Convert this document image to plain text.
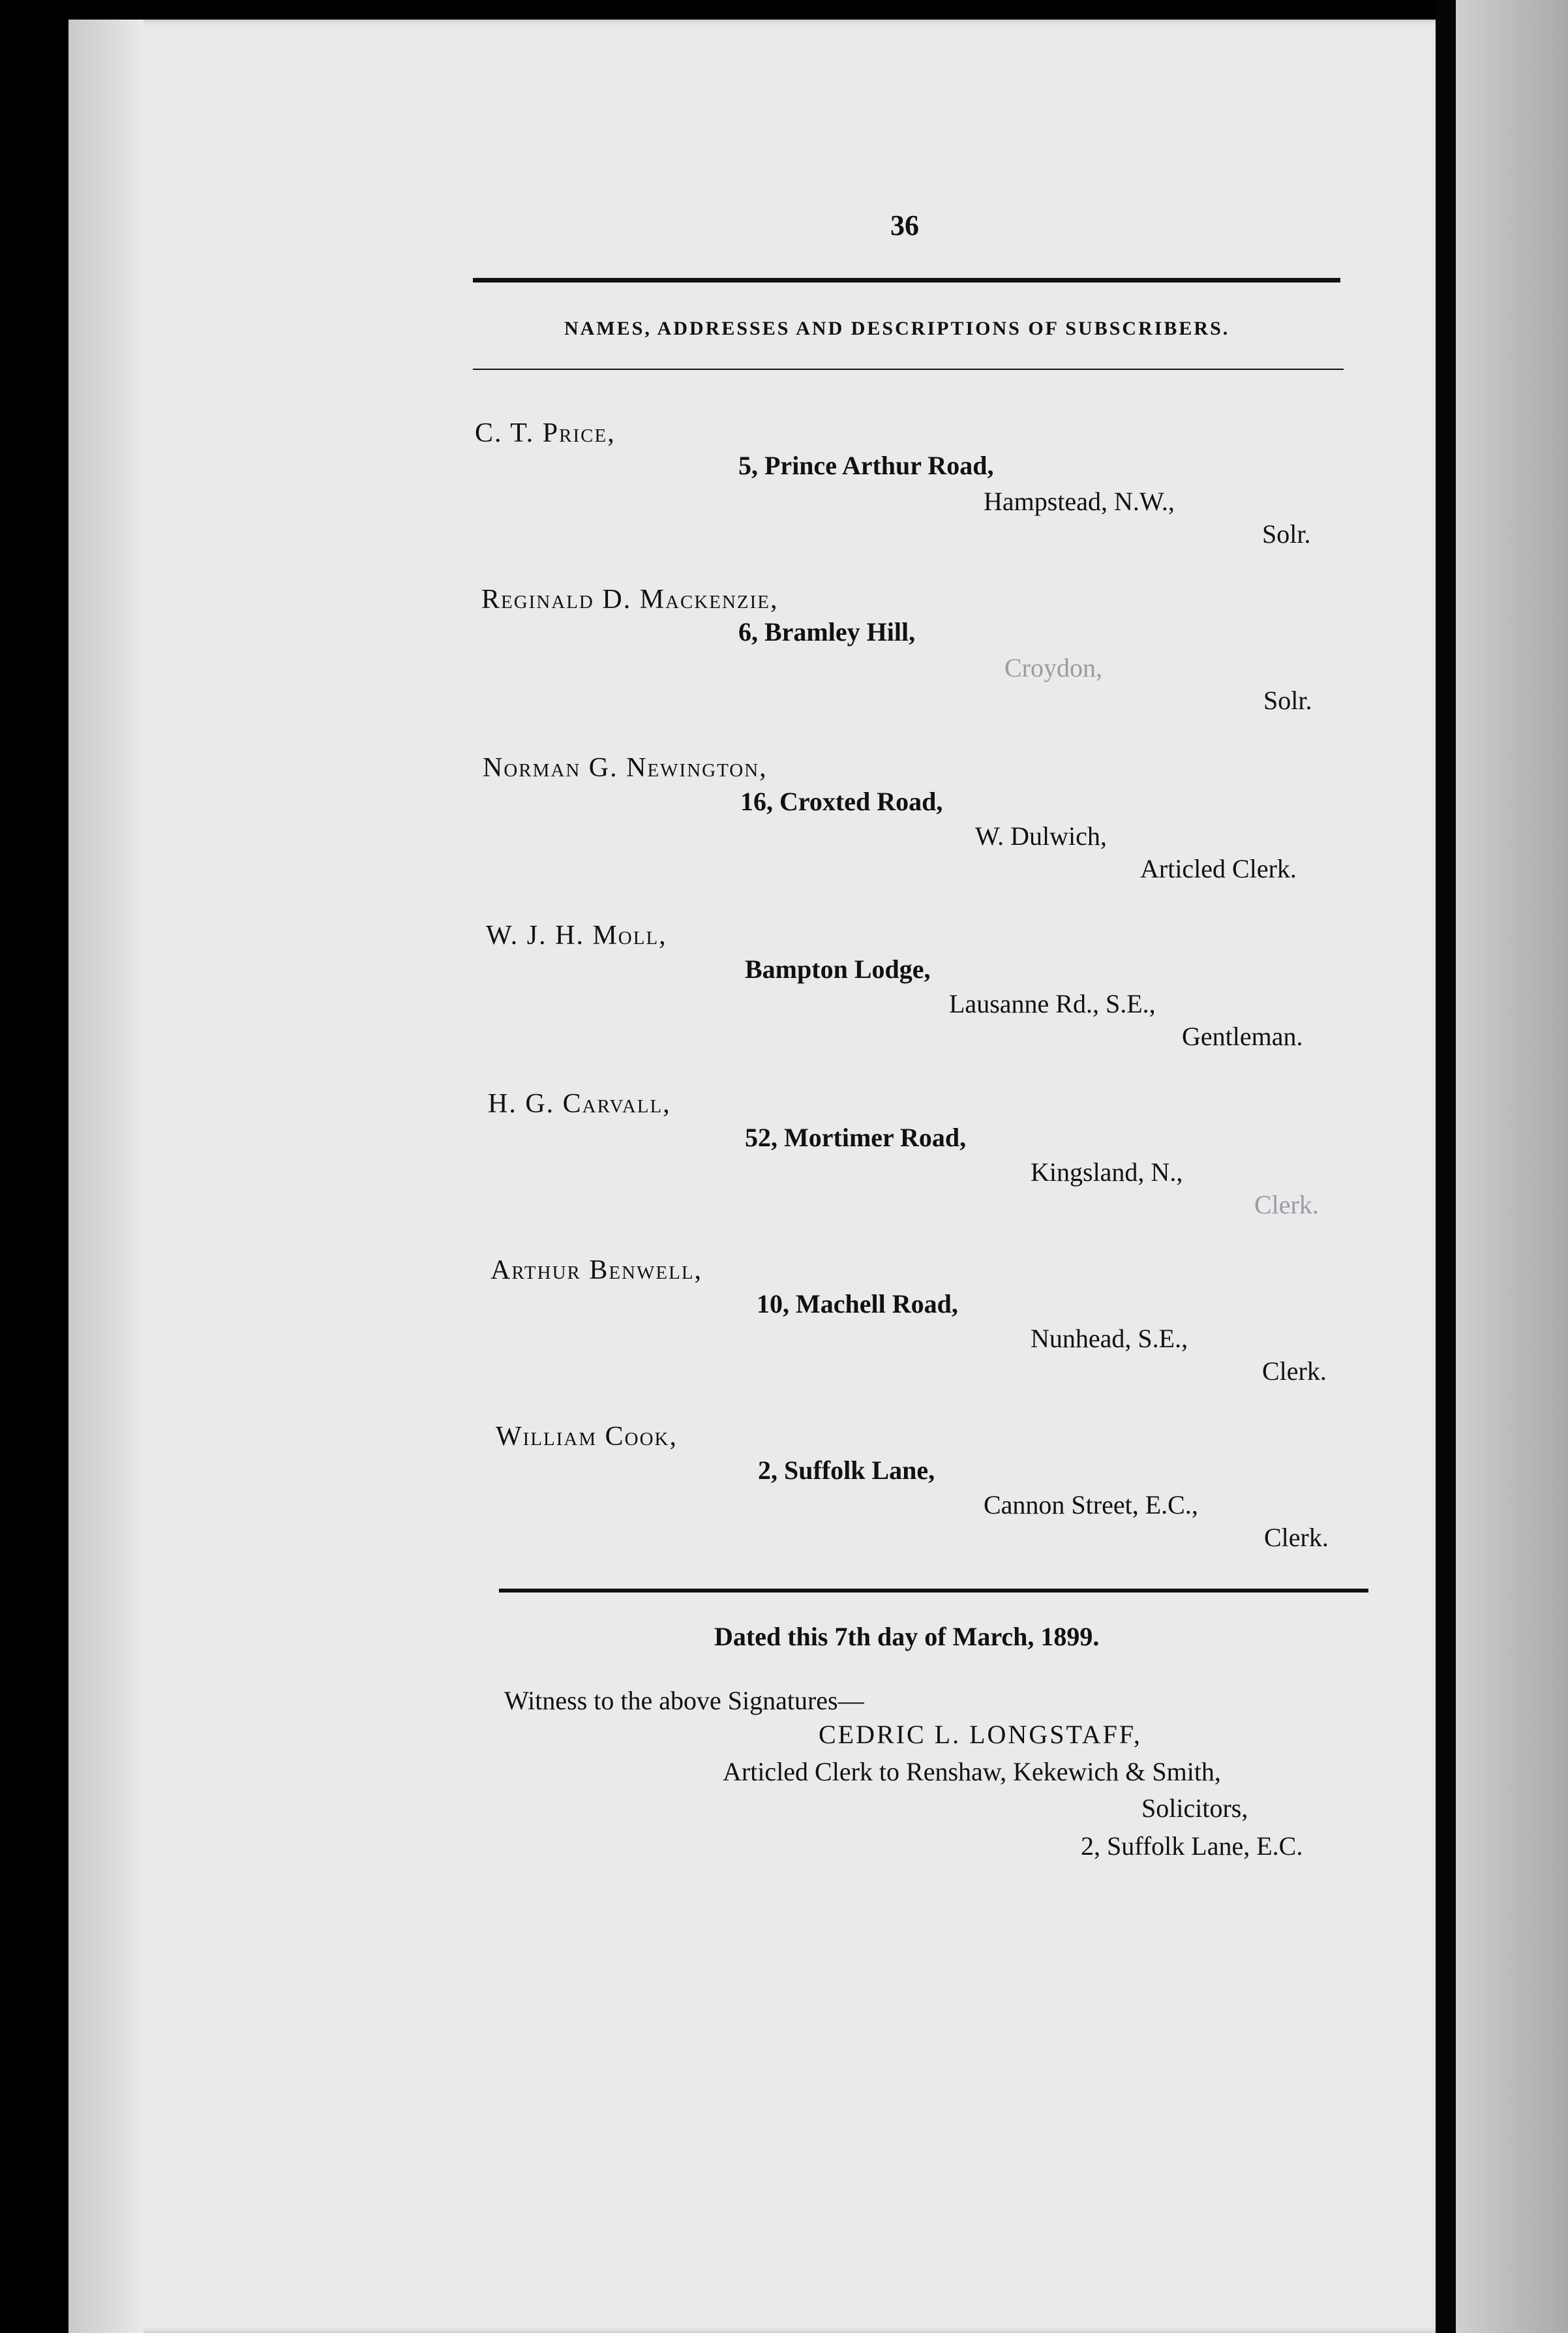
36
NAMES, ADDRESSES AND DESCRIPTIONS OF SUBSCRIBERS.
C. T. Price,
5, Prince Arthur Road,
Hampstead, N.W.,
Solr.
Reginald D. Mackenzie,
6, Bramley Hill,
Croydon,
Solr.
Norman G. Newington,
16, Croxted Road,
W. Dulwich,
Articled Clerk.
W. J. H. Moll,
Bampton Lodge,
Lausanne Rd., S.E.,
Gentleman.
H. G. Carvall,
52, Mortimer Road,
Kingsland, N.,
Clerk.
Arthur Benwell,
10, Machell Road,
Nunhead, S.E.,
Clerk.
William Cook,
2, Suffolk Lane,
Cannon Street, E.C.,
Clerk.
Dated this 7th day of March, 1899.
Witness to the above Signatures—
CEDRIC L. LONGSTAFF,
Articled Clerk to Renshaw, Kekewich & Smith,
Solicitors,
2, Suffolk Lane, E.C.
